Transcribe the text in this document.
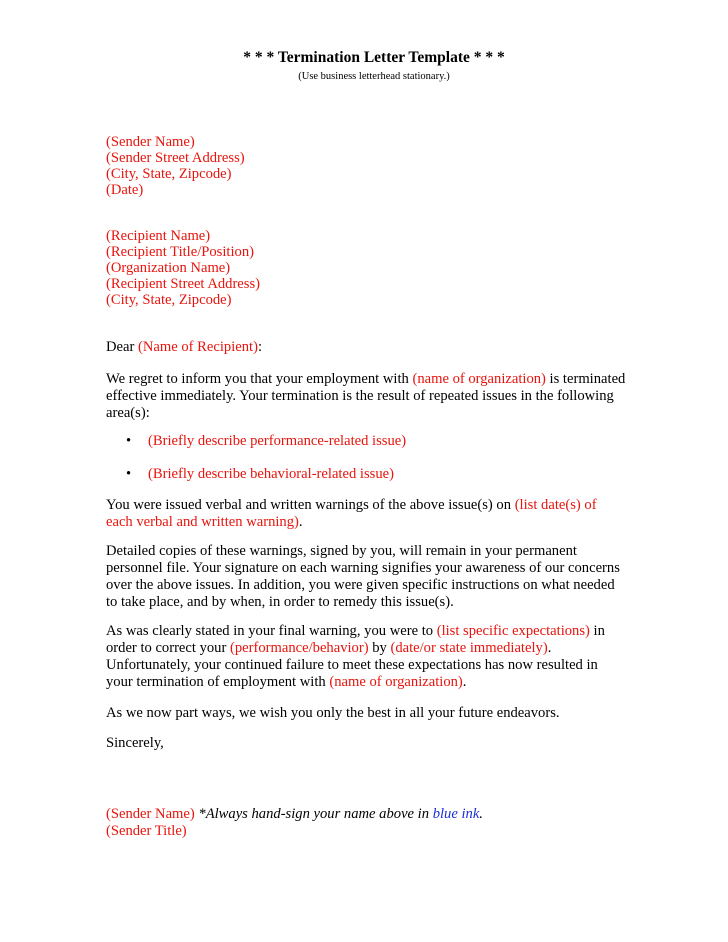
* * * Termination Letter Template * * *
(Use business letterhead stationary.)
(Sender Name)
(Sender Street Address)
(City, State, Zipcode)
(Date)
(Recipient Name)
(Recipient Title/Position)
(Organization Name)
(Recipient Street Address)
(City, State, Zipcode)

Dear (Name of Recipient):

We regret to inform you that your employment with (name of organization) is terminated effective immediately. Your termination is the result of repeated issues in the following area(s):

• (Briefly describe performance-related issue)
• (Briefly describe behavioral-related issue)

You were issued verbal and written warnings of the above issue(s) on (list date(s) of each verbal and written warning).

Detailed copies of these warnings, signed by you, will remain in your permanent personnel file. Your signature on each warning signifies your awareness of our concerns over the above issues. In addition, you were given specific instructions on what needed to take place, and by when, in order to remedy this issue(s).

As was clearly stated in your final warning, you were to (list specific expectations) in order to correct your (performance/behavior) by (date/or state immediately). Unfortunately, your continued failure to meet these expectations has now resulted in your termination of employment with (name of organization).

As we now part ways, we wish you only the best in all your future endeavors.

Sincerely,

(Sender Name) *Always hand-sign your name above in blue ink.

(Sender Title)
